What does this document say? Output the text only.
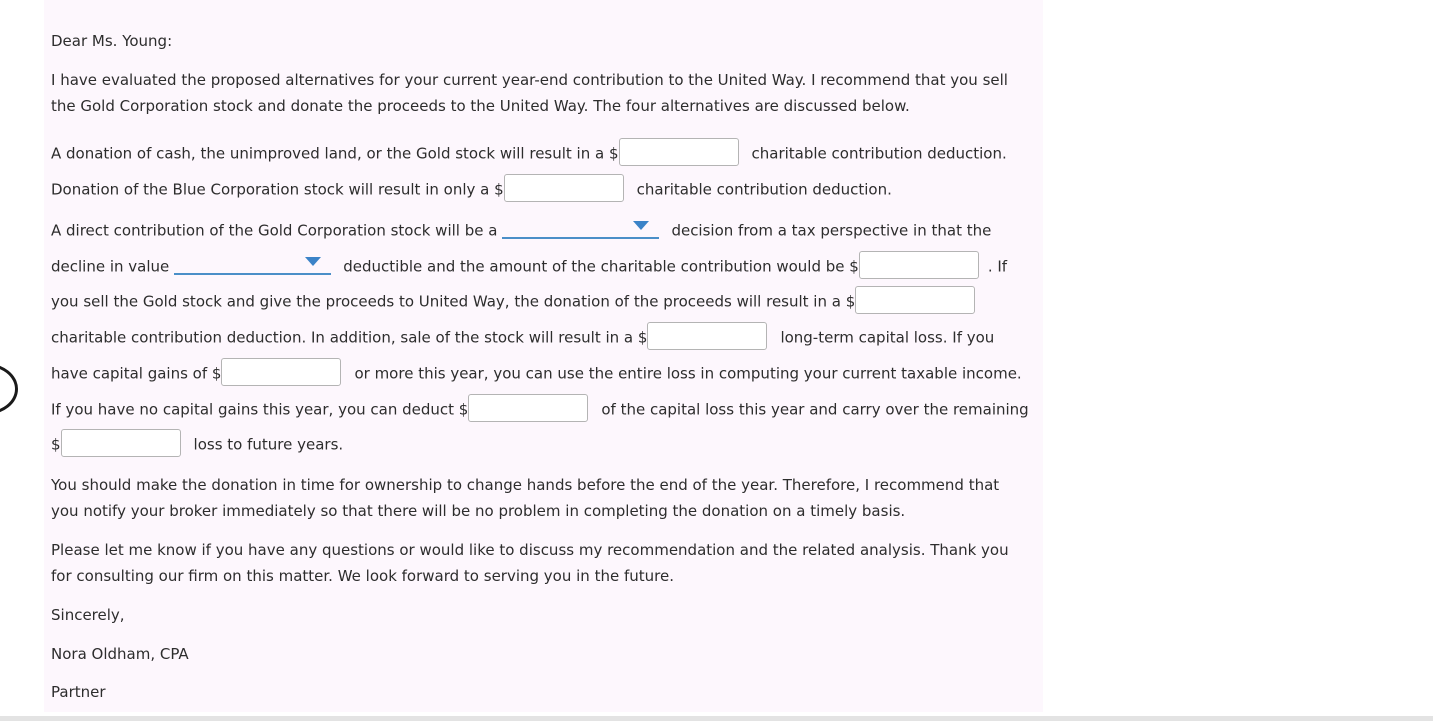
Dear Ms. Young:
I have evaluated the proposed alternatives for your current year-end contribution to the United Way. I recommend that you sell
the Gold Corporation stock and donate the proceeds to the United Way. The four alternatives are discussed below.
A donation of cash, the unimproved land, or the Gold stock will result in a $	charitable contribution deduction.
Donation of the Blue Corporation stock will result in only a $	charitable contribution deduction.
A direct contribution of the Gold Corporation stock will be a	decision from a tax perspective in that the
decline in value	deductible and the amount of the charitable contribution would be $	. If
you sell the Gold stock and give the proceeds to United Way, the donation of the proceeds will result in a $
charitable contribution deduction. In addition, sale of the stock will result in a $	long-term capital loss. If you
have capital gains of $	or more this year, you can use the entire loss in computing your current taxable income.
If you have no capital gains this year, you can deduct $	of the capital loss this year and carry over the remaining
$	loss to future years.
You should make the donation in time for ownership to change hands before the end of the year. Therefore, I recommend that
you notify your broker immediately so that there will be no problem in completing the donation on a timely basis.
Please let me know if you have any questions or would like to discuss my recommendation and the related analysis. Thank you
for consulting our firm on this matter. We look forward to serving you in the future.
Sincerely,
Nora Oldham, CPA
Partner
